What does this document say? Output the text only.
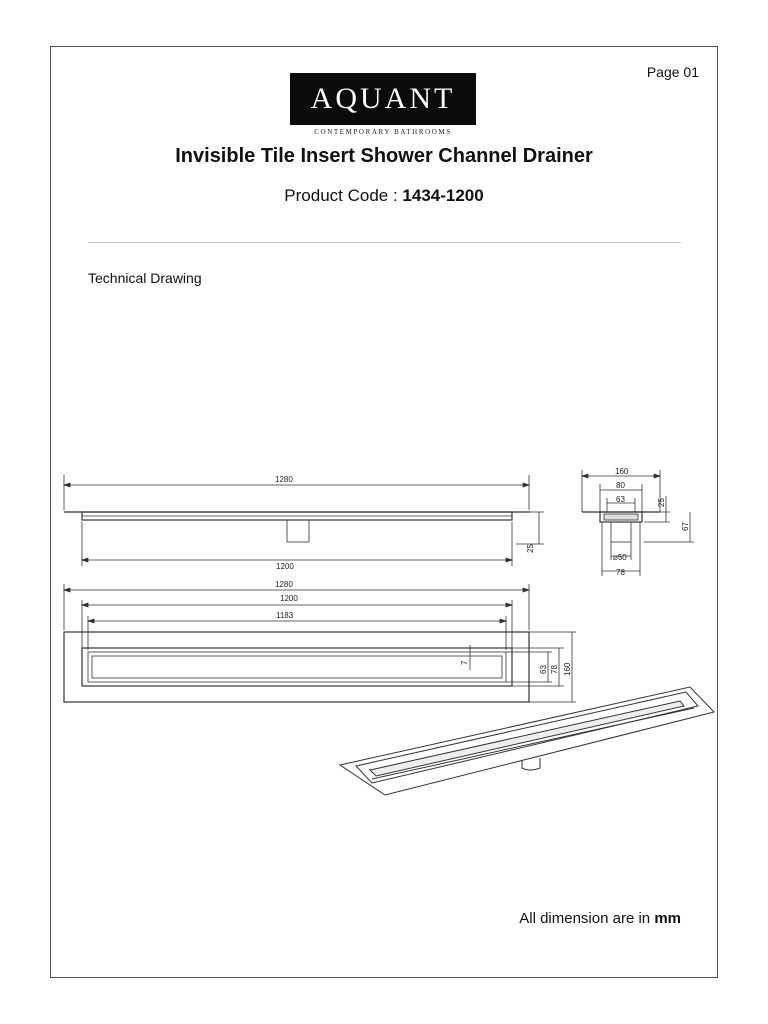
Page 01
AQUANT
CONTEMPORARY BATHROOMS
Invisible Tile Insert Shower Channel Drainer
Product Code : 1434-1200
Technical Drawing
1280
1200
25
1280
1200
1183
160
78
63
7
160
80
63	25
67
⌀50
78
All dimension are in mm
